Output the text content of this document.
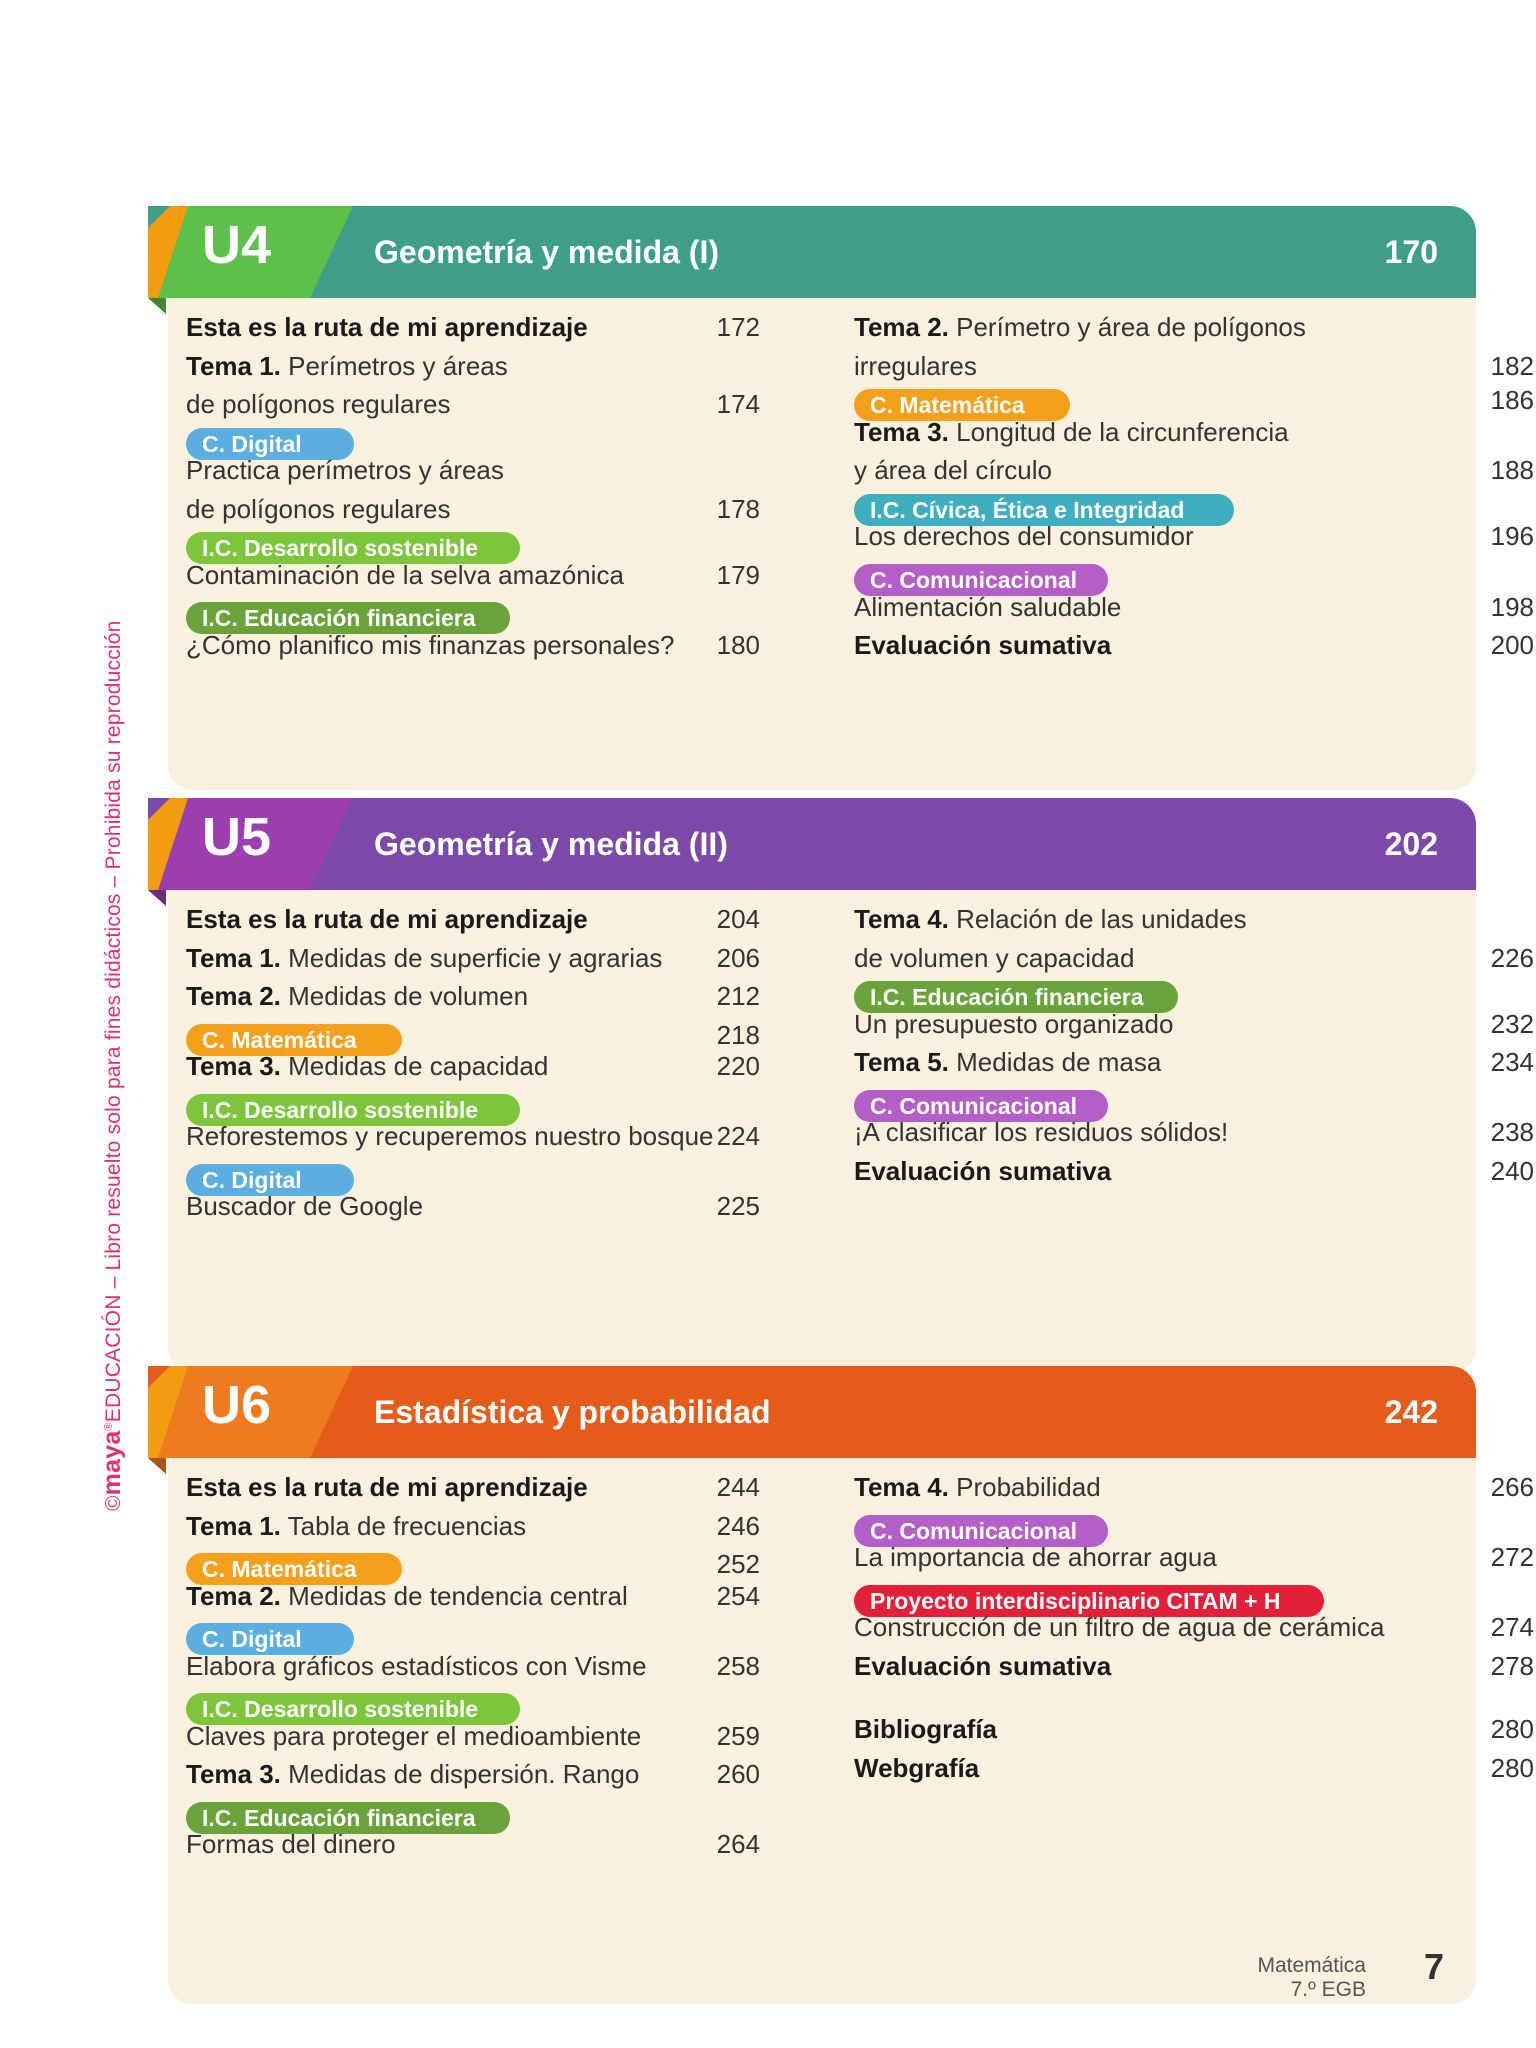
©maya®EDUCACIÓN – Libro resuelto solo para fines didácticos – Prohibida su reproducción
U4	Geometría y medida (I)	170
Esta es la ruta de mi aprendizaje	172
Tema 1. Perímetros y áreas
de polígonos regulares	174
C. Digital
Practica perímetros y áreas
de polígonos regulares	178
I.C. Desarrollo sostenible
Contaminación de la selva amazónica	179
I.C. Educación financiera
¿Cómo planifico mis finanzas personales?	180
Tema 2. Perímetro y área de polígonos
irregulares	182
C. Matemática	186
Tema 3. Longitud de la circunferencia
y área del círculo	188
I.C. Cívica, Ética e Integridad
Los derechos del consumidor	196
C. Comunicacional
Alimentación saludable	198
Evaluación sumativa	200
U5	Geometría y medida (II)	202
Esta es la ruta de mi aprendizaje	204
Tema 1. Medidas de superficie y agrarias	206
Tema 2. Medidas de volumen	212
C. Matemática	218
Tema 3. Medidas de capacidad	220
I.C. Desarrollo sostenible
Reforestemos y recuperemos nuestro bosque 224
C. Digital
Buscador de Google	225
Tema 4. Relación de las unidades
de volumen y capacidad	226
I.C. Educación financiera
Un presupuesto organizado	232
Tema 5. Medidas de masa	234
C. Comunicacional
¡A clasificar los residuos sólidos!	238
Evaluación sumativa	240
U6	Estadística y probabilidad	242
Esta es la ruta de mi aprendizaje	244
Tema 1. Tabla de frecuencias	246
C. Matemática	252
Tema 2. Medidas de tendencia central	254
C. Digital
Elabora gráficos estadísticos con Visme	258
I.C. Desarrollo sostenible
Claves para proteger el medioambiente	259
Tema 3. Medidas de dispersión. Rango	260
I.C. Educación financiera
Formas del dinero	264
Tema 4. Probabilidad	266
C. Comunicacional
La importancia de ahorrar agua	272
Proyecto interdisciplinario CITAM + H
Construcción de un filtro de agua de cerámica	274
Evaluación sumativa	278
Bibliografía	280
Webgrafía	280
Matemática
7.º EGB
7
